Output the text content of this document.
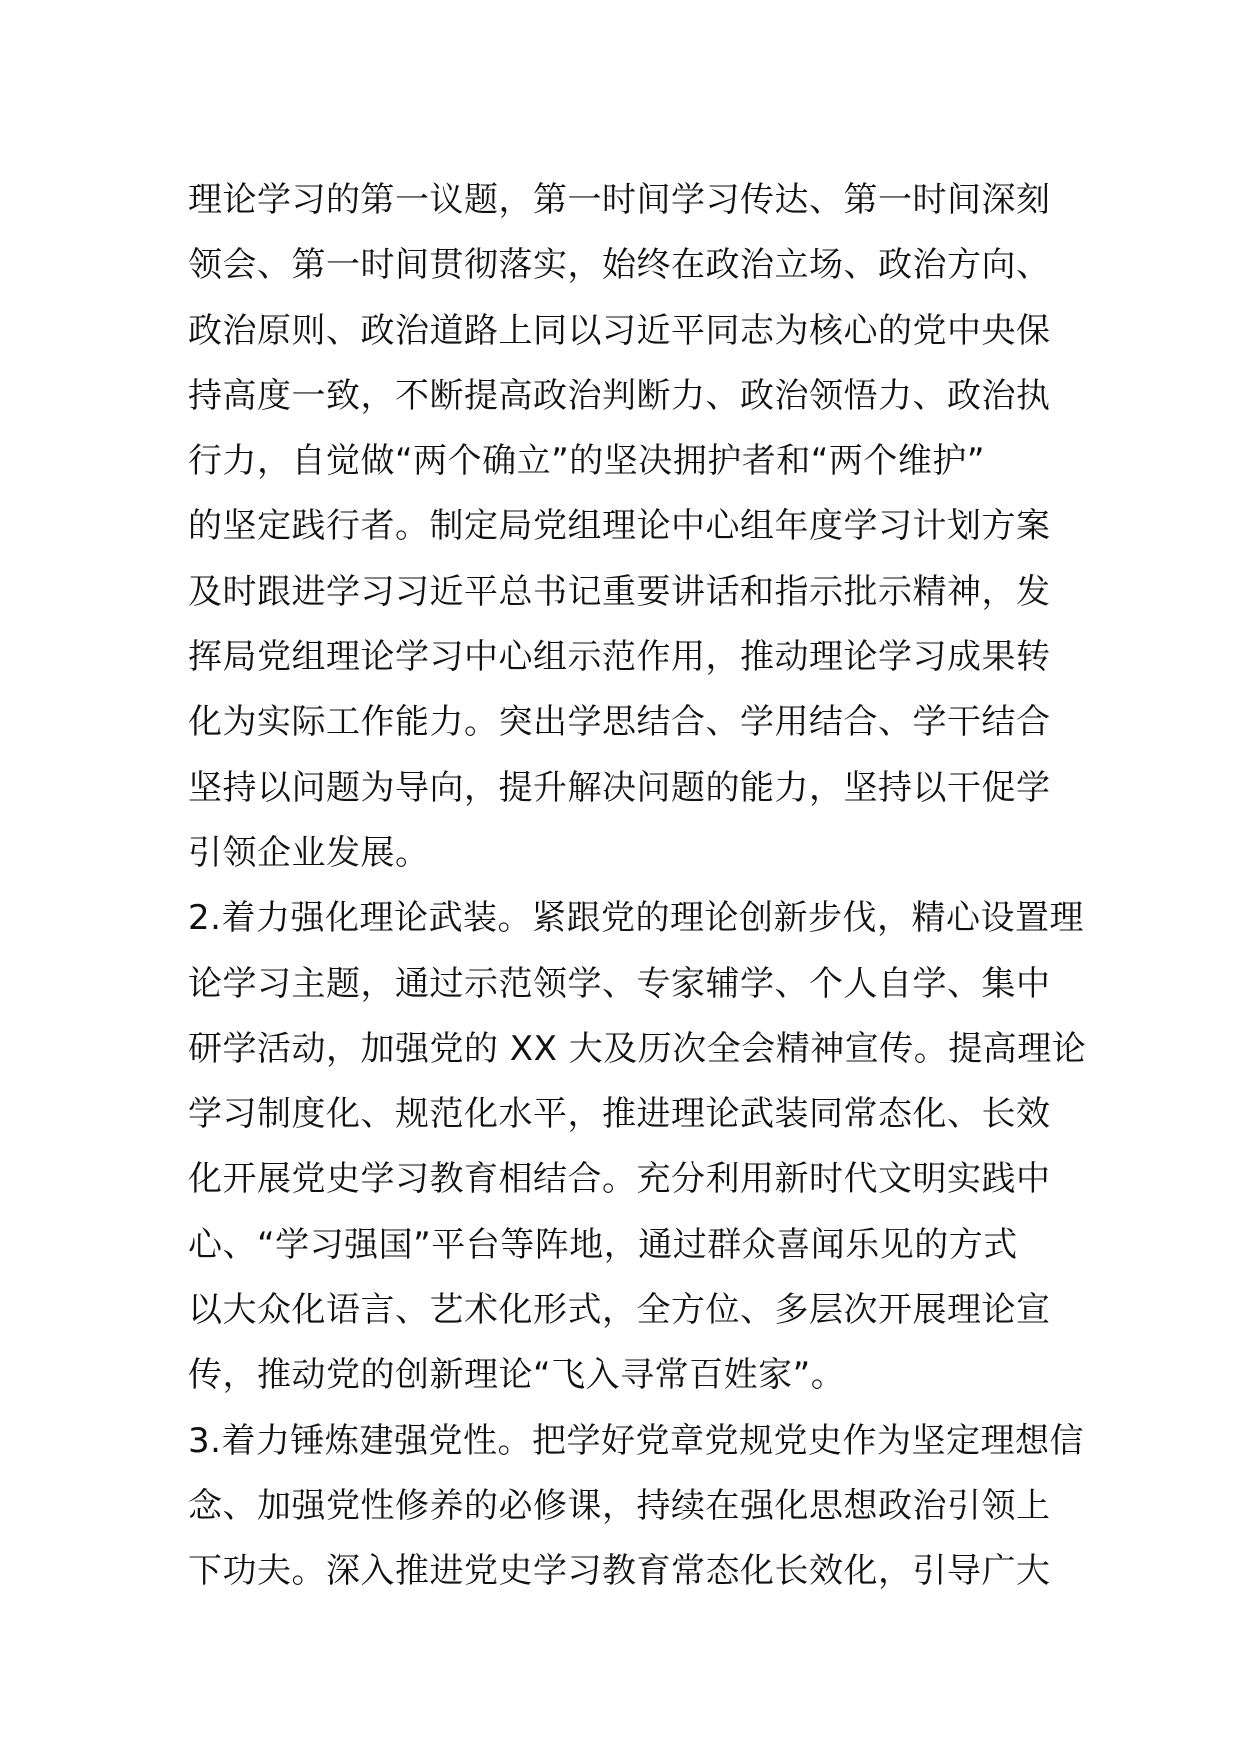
理论学习的第一议题，第一时间学习传达、第一时间深刻
领会、第一时间贯彻落实，始终在政治立场、政治方向、
政治原则、政治道路上同以习近平同志为核心的党中央保
持高度一致，不断提高政治判断力、政治领悟力、政治执
行力，自觉做“两个确立”的坚决拥护者和“两个维护”
的坚定践行者。制定局党组理论中心组年度学习计划方案
及时跟进学习习近平总书记重要讲话和指示批示精神，发
挥局党组理论学习中心组示范作用，推动理论学习成果转
化为实际工作能力。突出学思结合、学用结合、学干结合
坚持以问题为导向，提升解决问题的能力，坚持以干促学
引领企业发展。
2.着力强化理论武装。紧跟党的理论创新步伐，精心设置理
论学习主题，通过示范领学、专家辅学、个人自学、集中
研学活动，加强党的 XX 大及历次全会精神宣传。提高理论
学习制度化、规范化水平，推进理论武装同常态化、长效
化开展党史学习教育相结合。充分利用新时代文明实践中
心、“学习强国”平台等阵地，通过群众喜闻乐见的方式
以大众化语言、艺术化形式，全方位、多层次开展理论宣
传，推动党的创新理论“飞入寻常百姓家”。
3.着力锤炼建强党性。把学好党章党规党史作为坚定理想信
念、加强党性修养的必修课，持续在强化思想政治引领上
下功夫。深入推进党史学习教育常态化长效化，引导广大
